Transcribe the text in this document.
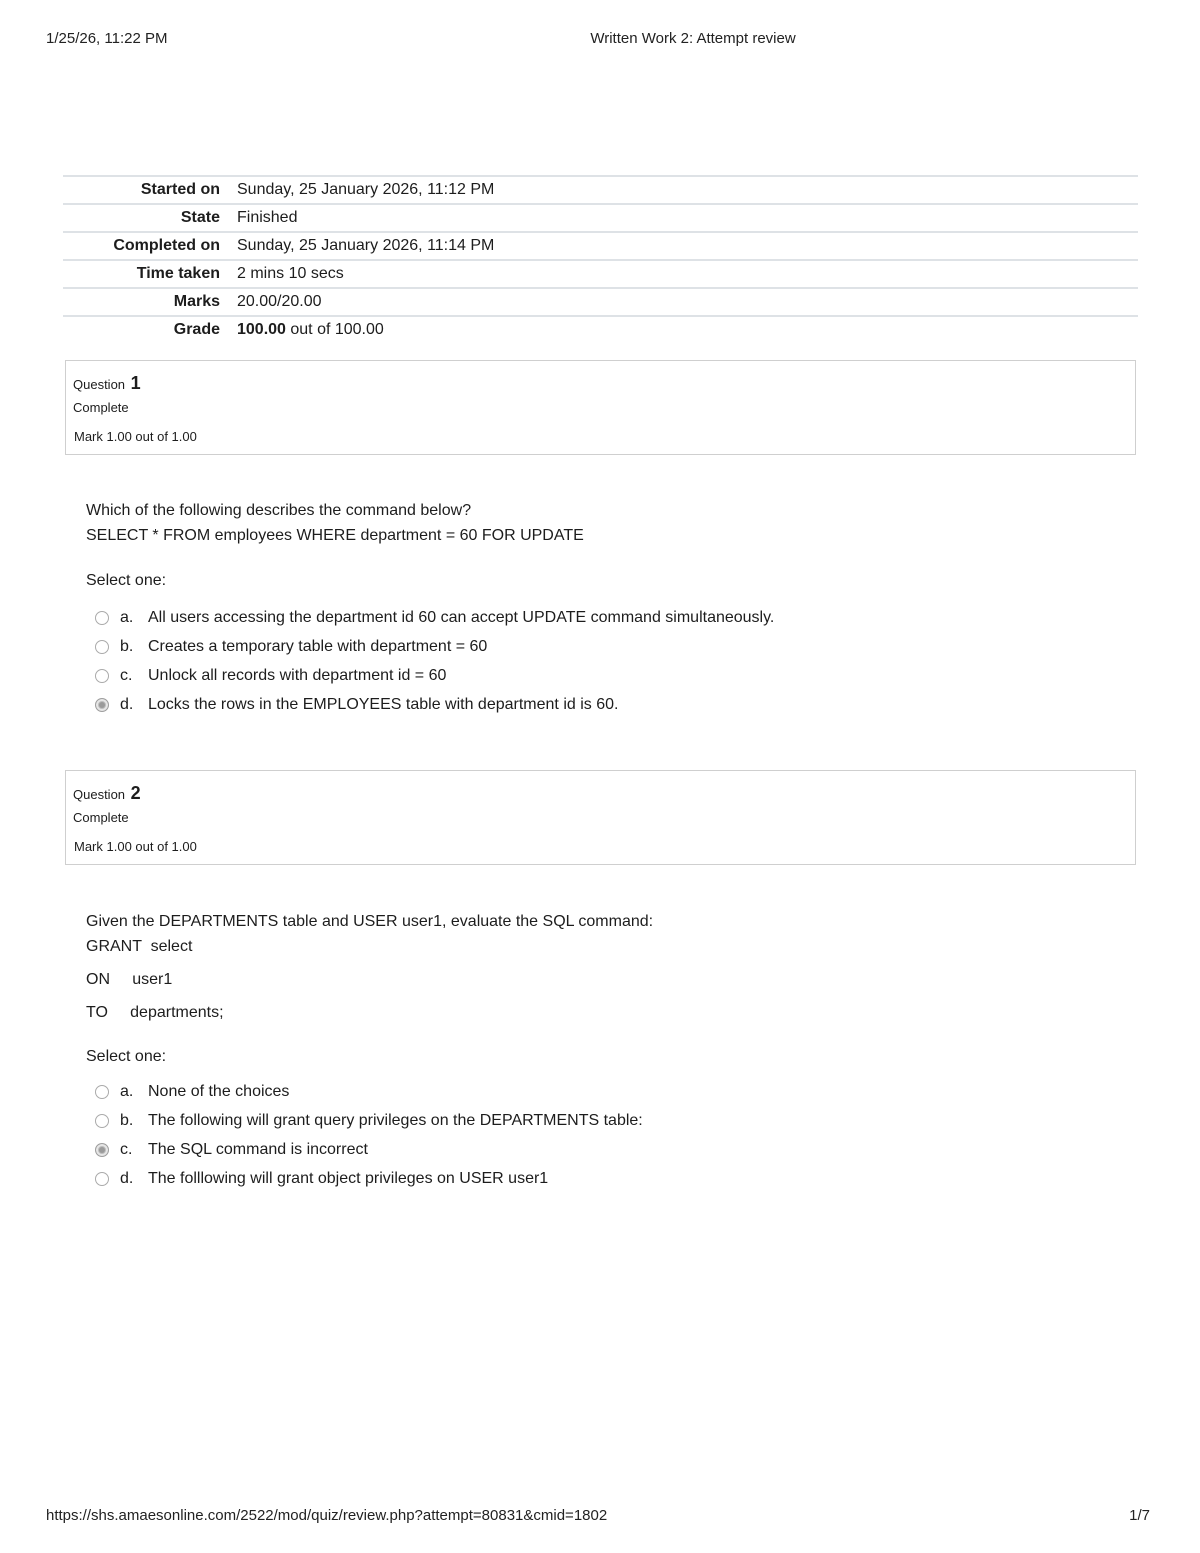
1/25/26, 11:22 PM	Written Work 2: Attempt review
Started on	Sunday, 25 January 2026, 11:12 PM
State	Finished
Completed on	Sunday, 25 January 2026, 11:14 PM
Time taken	2 mins 10 secs
Marks	20.00/20.00
Grade	100.00 out of 100.00
Question 1
Complete
Mark 1.00 out of 1.00
Which of the following describes the command below?
SELECT * FROM employees WHERE department = 60 FOR UPDATE
Select one:
a. All users accessing the department id 60 can accept UPDATE command simultaneously.
b. Creates a temporary table with department = 60
c. Unlock all records with department id = 60
d. Locks the rows in the EMPLOYEES table with department id is 60.
Question 2
Complete
Mark 1.00 out of 1.00
Given the DEPARTMENTS table and USER user1, evaluate the SQL command:
GRANT  select
ON     user1
TO     departments;
Select one:
a. None of the choices
b. The following will grant query privileges on the DEPARTMENTS table:
c. The SQL command is incorrect
d. The folllowing will grant object privileges on USER user1
https://shs.amaesonline.com/2522/mod/quiz/review.php?attempt=80831&cmid=1802	1/7
